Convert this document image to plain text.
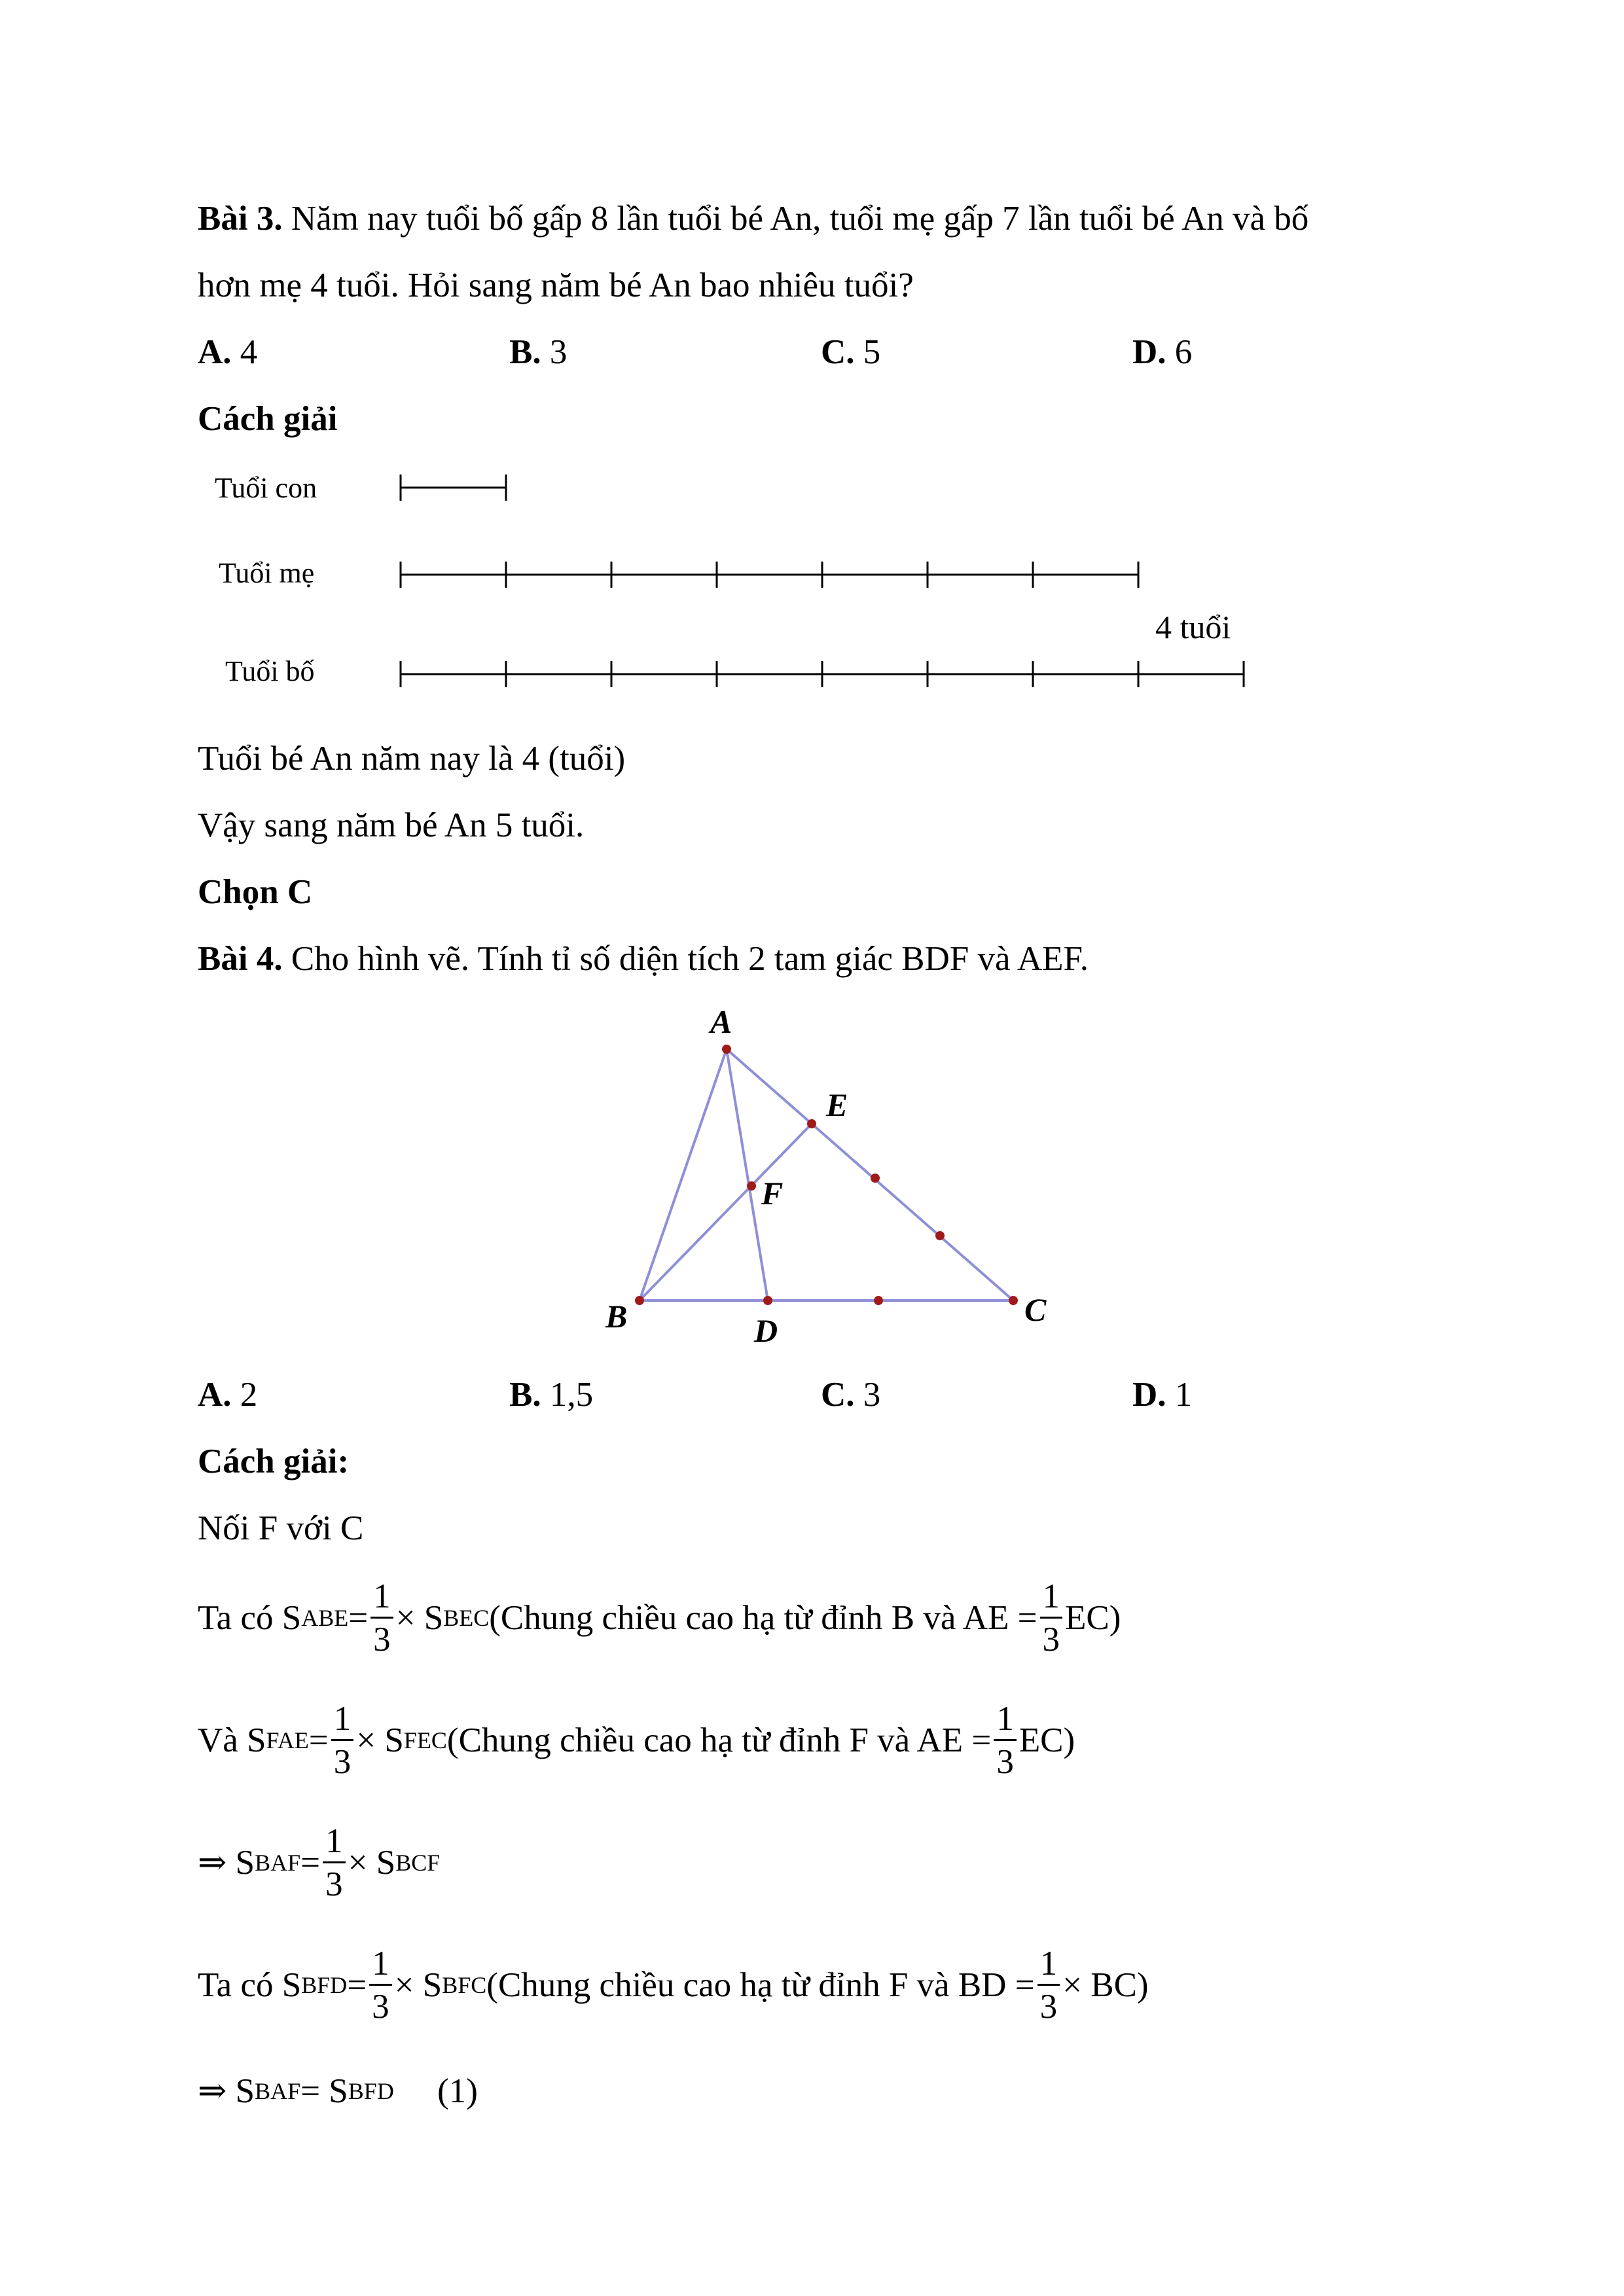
Bài 3. Năm nay tuổi bố gấp 8 lần tuổi bé An, tuổi mẹ gấp 7 lần tuổi bé An và bố
hơn mẹ 4 tuổi. Hỏi sang năm bé An bao nhiêu tuổi?
A. 4	B. 3	C. 5	D. 6
Cách giải
Tuổi con
Tuổi mẹ
Tuổi bố
4 tuổi
Tuổi bé An năm nay là 4 (tuổi)
Vậy sang năm bé An 5 tuổi.
Chọn C
Bài 4. Cho hình vẽ. Tính tỉ số diện tích 2 tam giác BDF và AEF.
A
E
F
B	D
C
A. 2	B. 1,5	C. 3	D. 1
Cách giải:
Nối F với C
Ta có S ABE = $\frac{1}{3} \times S$ BEC (Chung chiều cao hạ từ đỉnh B và AE = $\frac{1}{3} EC$)
Và S FAE = $\frac{1}{3} \times S$ FEC (Chung chiều cao hạ từ đỉnh F và AE = $\frac{1}{3} EC$)
⇒ S BAF = $\frac{1}{3} \times S$ BCF
Ta có S BFD = $\frac{1}{3} \times S$ BFC (Chung chiều cao hạ từ đỉnh F và BD = $\frac{1}{3} \times BC$)
⇒ S BAF = S BFD (1)
